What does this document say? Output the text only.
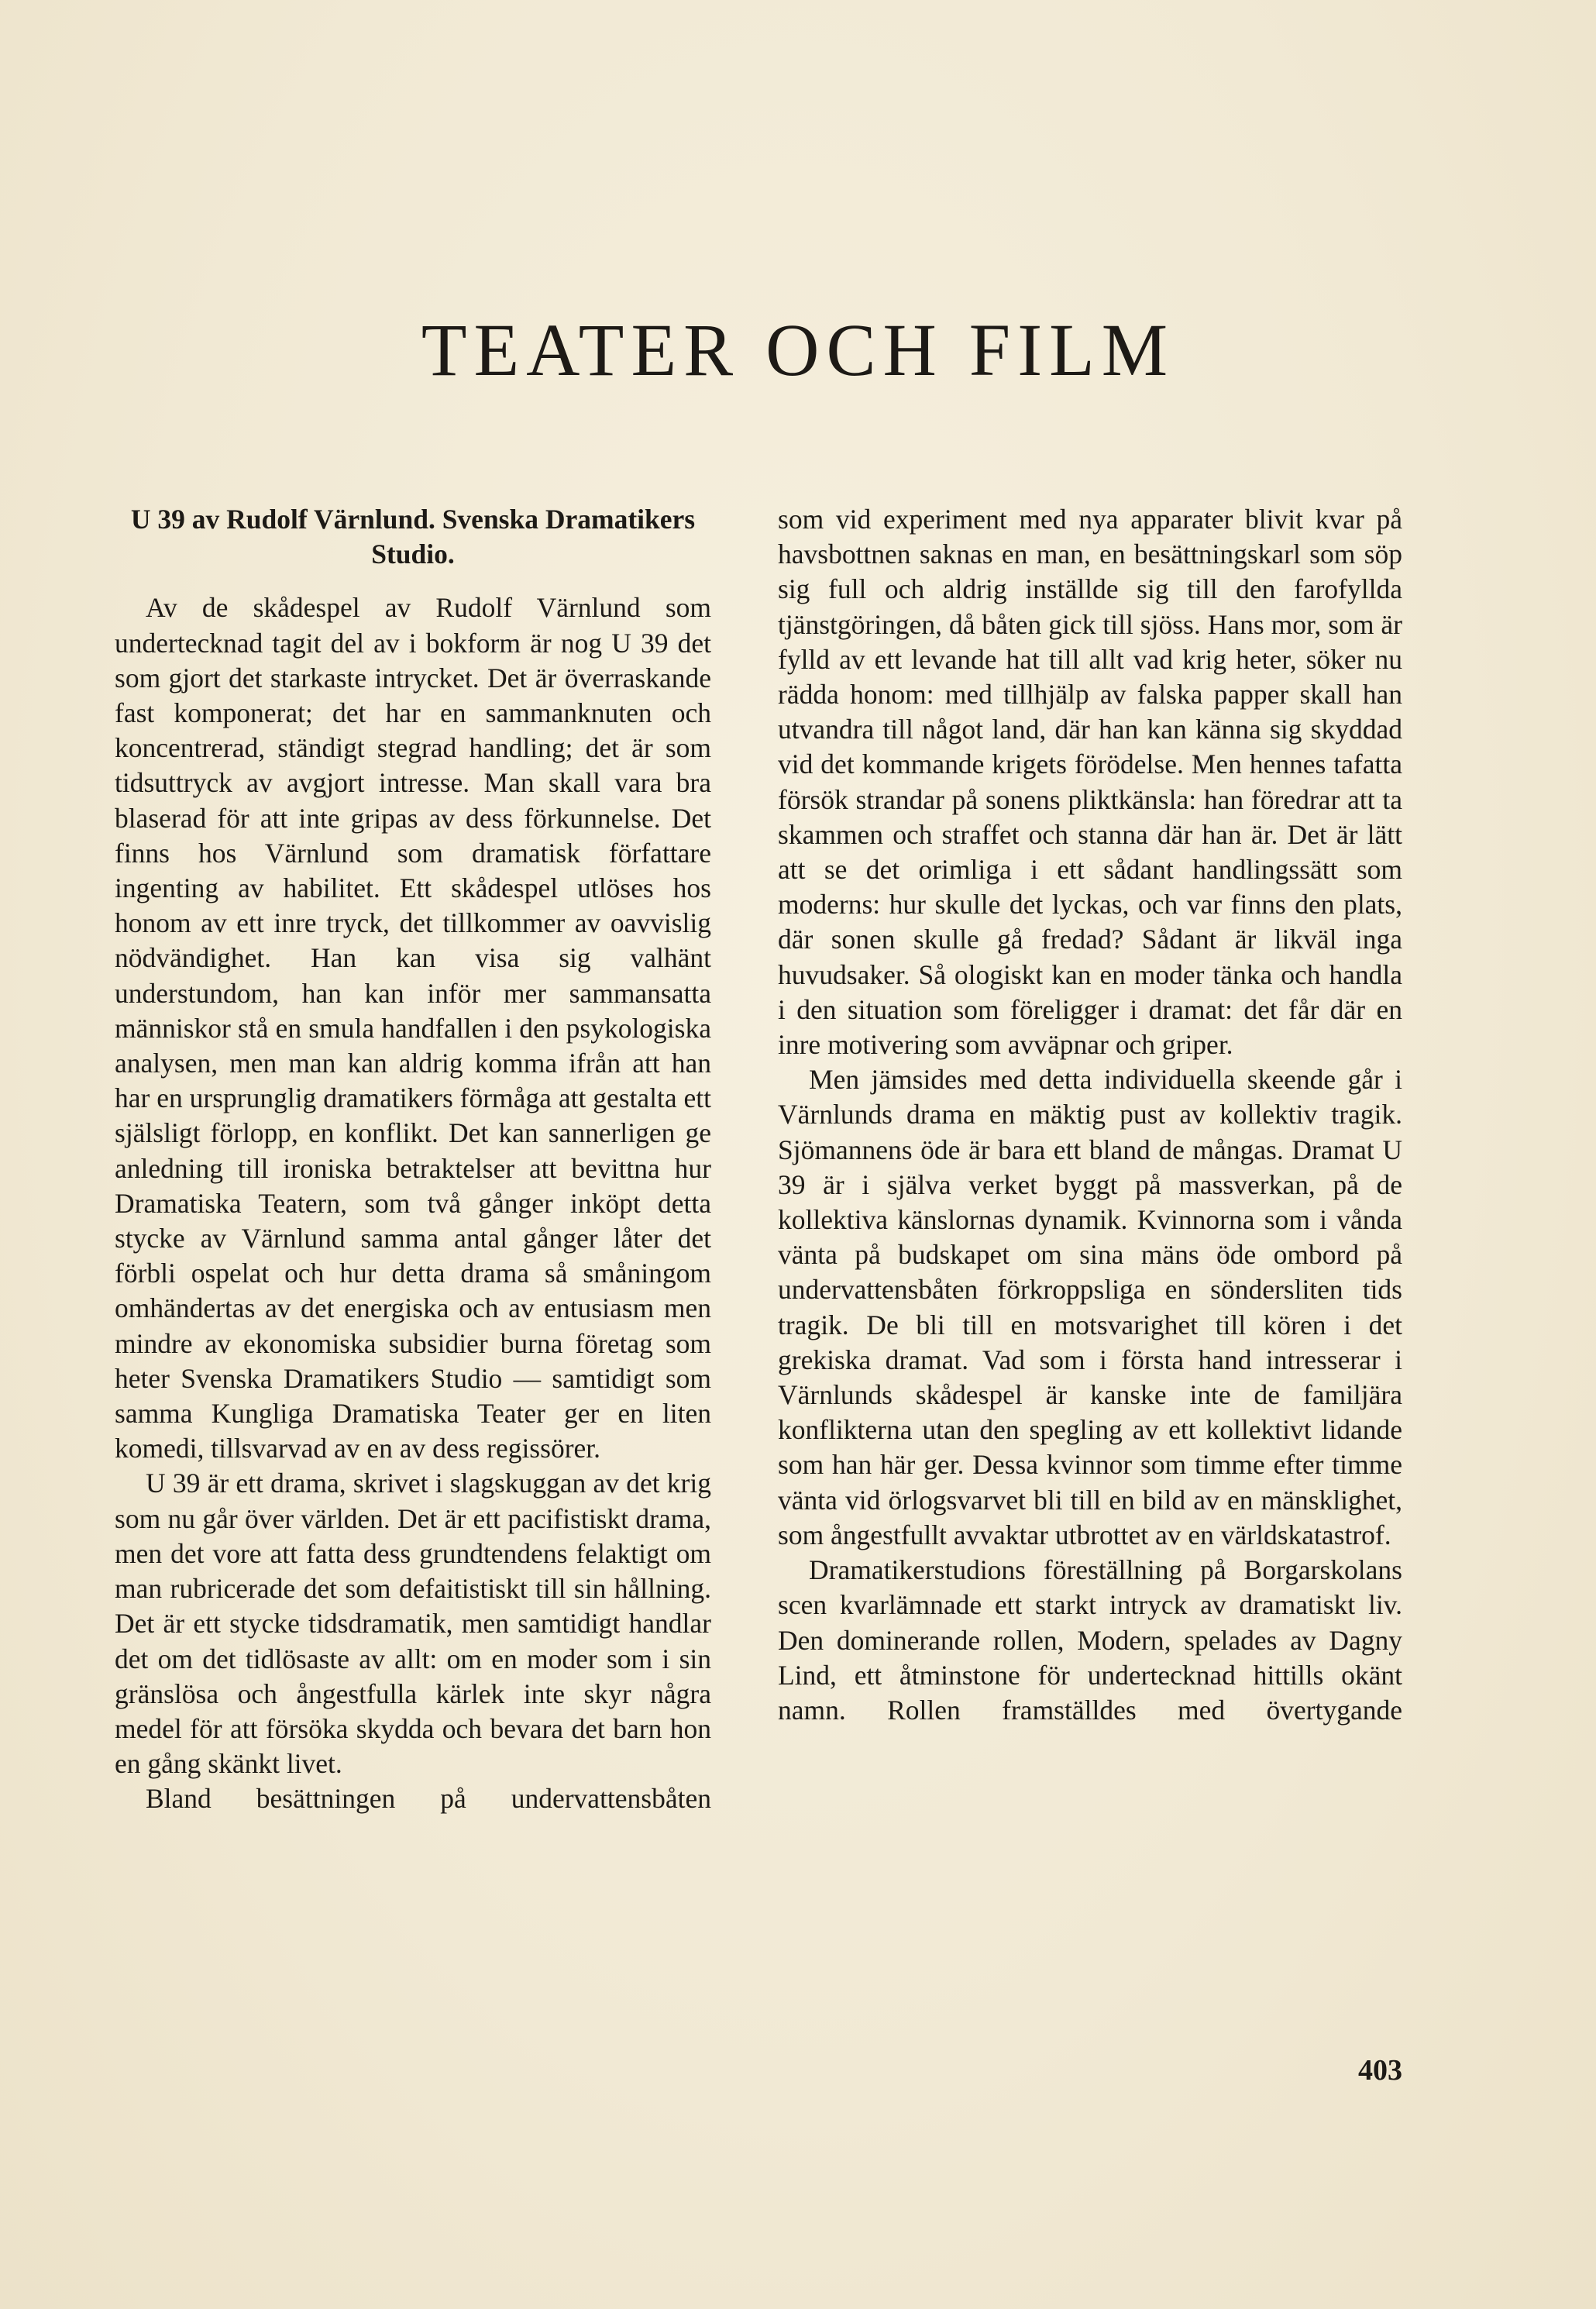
TEATER OCH FILM
U 39 av Rudolf Värnlund. Svenska Dramatikers Studio.

Av de skådespel av Rudolf Värnlund som undertecknad tagit del av i bokform är nog U 39 det som gjort det starkaste intrycket. Det är överraskande fast komponerat; det har en sammanknuten och koncentrerad, ständigt stegrad handling; det är som tidsuttryck av avgjort intresse. Man skall vara bra blaserad för att inte gripas av dess förkunnelse. Det finns hos Värnlund som dramatisk författare ingenting av habilitet. Ett skådespel utlöses hos honom av ett inre tryck, det tillkommer av oavvislig nödvändighet. Han kan visa sig valhänt understundom, han kan inför mer sammansatta människor stå en smula handfallen i den psykologiska analysen, men man kan aldrig komma ifrån att han har en ursprunglig dramatikers förmåga att gestalta ett själsligt förlopp, en konflikt. Det kan sannerligen ge anledning till ironiska betraktelser att bevittna hur Dramatiska Teatern, som två gånger inköpt detta stycke av Värnlund samma antal gånger låter det förbli ospelat och hur detta drama så småningom omhändertas av det energiska och av entusiasm men mindre av ekonomiska subsidier burna företag som heter Svenska Dramatikers Studio — samtidigt som samma Kungliga Dramatiska Teater ger en liten komedi, tillsvarvad av en av dess regissörer.

U 39 är ett drama, skrivet i slagskuggan av det krig som nu går över världen. Det är ett pacifistiskt drama, men det vore att fatta dess grundtendens felaktigt om man rubricerade det som defaitistiskt till sin hållning. Det är ett stycke tidsdramatik, men samtidigt handlar det om det tidlösaste av allt: om en moder som i sin gränslösa och ångestfulla kärlek inte skyr några medel för att försöka skydda och bevara det barn hon en gång skänkt livet.

Bland besättningen på undervattensbåten

som vid experiment med nya apparater blivit kvar på havsbottnen saknas en man, en besättningskarl som söp sig full och aldrig inställde sig till den farofyllda tjänstgöringen, då båten gick till sjöss. Hans mor, som är fylld av ett levande hat till allt vad krig heter, söker nu rädda honom: med tillhjälp av falska papper skall han utvandra till något land, där han kan känna sig skyddad vid det kommande krigets förödelse. Men hennes tafatta försök strandar på sonens pliktkänsla: han föredrar att ta skammen och straffet och stanna där han är. Det är lätt att se det orimliga i ett sådant handlingssätt som moderns: hur skulle det lyckas, och var finns den plats, där sonen skulle gå fredad? Sådant är likväl inga huvudsaker. Så ologiskt kan en moder tänka och handla i den situation som föreligger i dramat: det får där en inre motivering som avväpnar och griper.

Men jämsides med detta individuella skeende går i Värnlunds drama en mäktig pust av kollektiv tragik. Sjömannens öde är bara ett bland de mångas. Dramat U 39 är i själva verket byggt på massverkan, på de kollektiva känslornas dynamik. Kvinnorna som i vånda vänta på budskapet om sina mäns öde ombord på undervattensbåten förkroppsliga en söndersliten tids tragik. De bli till en motsvarighet till kören i det grekiska dramat. Vad som i första hand intresserar i Värnlunds skådespel är kanske inte de familjära konflikterna utan den spegling av ett kollektivt lidande som han här ger. Dessa kvinnor som timme efter timme vänta vid örlogsvarvet bli till en bild av en mänsklighet, som ångestfullt avvaktar utbrottet av en världskatastrof.

Dramatikerstudions föreställning på Borgarskolans scen kvarlämnade ett starkt intryck av dramatiskt liv. Den dominerande rollen, Modern, spelades av Dagny Lind, ett åtminstone för undertecknad hittills okänt namn. Rollen framställdes med övertygande

403
